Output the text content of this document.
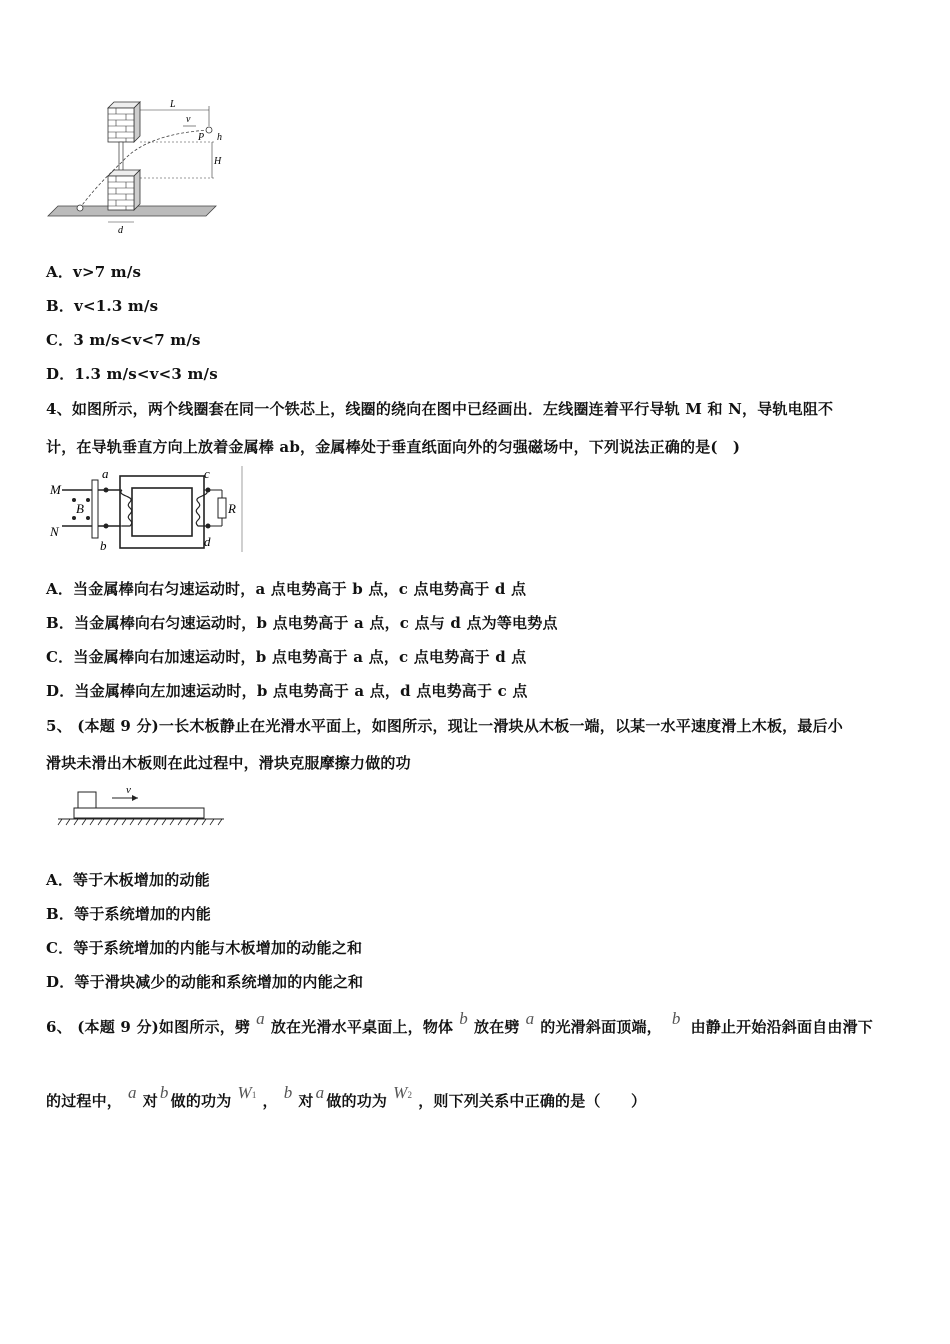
L
v
P h
H
d
A．v>7 m/s
B．v<1.3 m/s
C．3 m/s<v<7 m/s
D．1.3 m/s<v<3 m/s
4、如图所示，两个线圈套在同一个铁芯上，线圈的绕向在图中已经画出．左线圈连着平行导轨 M 和 N，导轨电阻不
计，在导轨垂直方向上放着金属棒 ab，金属棒处于垂直纸面向外的匀强磁场中，下列说法正确的是(　)
M
N
B
a
b
c
d
R
A．当金属棒向右匀速运动时，a 点电势高于 b 点，c 点电势高于 d 点
B．当金属棒向右匀速运动时，b 点电势高于 a 点，c 点与 d 点为等电势点
C．当金属棒向右加速运动时，b 点电势高于 a 点，c 点电势高于 d 点
D．当金属棒向左加速运动时，b 点电势高于 a 点，d 点电势高于 c 点
5、 (本题 9 分)一长木板静止在光滑水平面上，如图所示，现让一滑块从木板一端，以某一水平速度滑上木板，最后小
滑块未滑出木板则在此过程中，滑块克服摩擦力做的功
v
A．等于木板增加的动能
B．等于系统增加的内能
C．等于系统增加的内能与木板增加的动能之和
D．等于滑块减少的动能和系统增加的内能之和
6、 (本题 9 分)如图所示，劈 a 放在光滑水平桌面上，物体 b 放在劈 a 的光滑斜面顶端， b 由静止开始沿斜面自由滑下
的过程中， a 对 b 做的功为 W1 ， b 对 a 做的功为 W2 ，则下列关系中正确的是（　　）
